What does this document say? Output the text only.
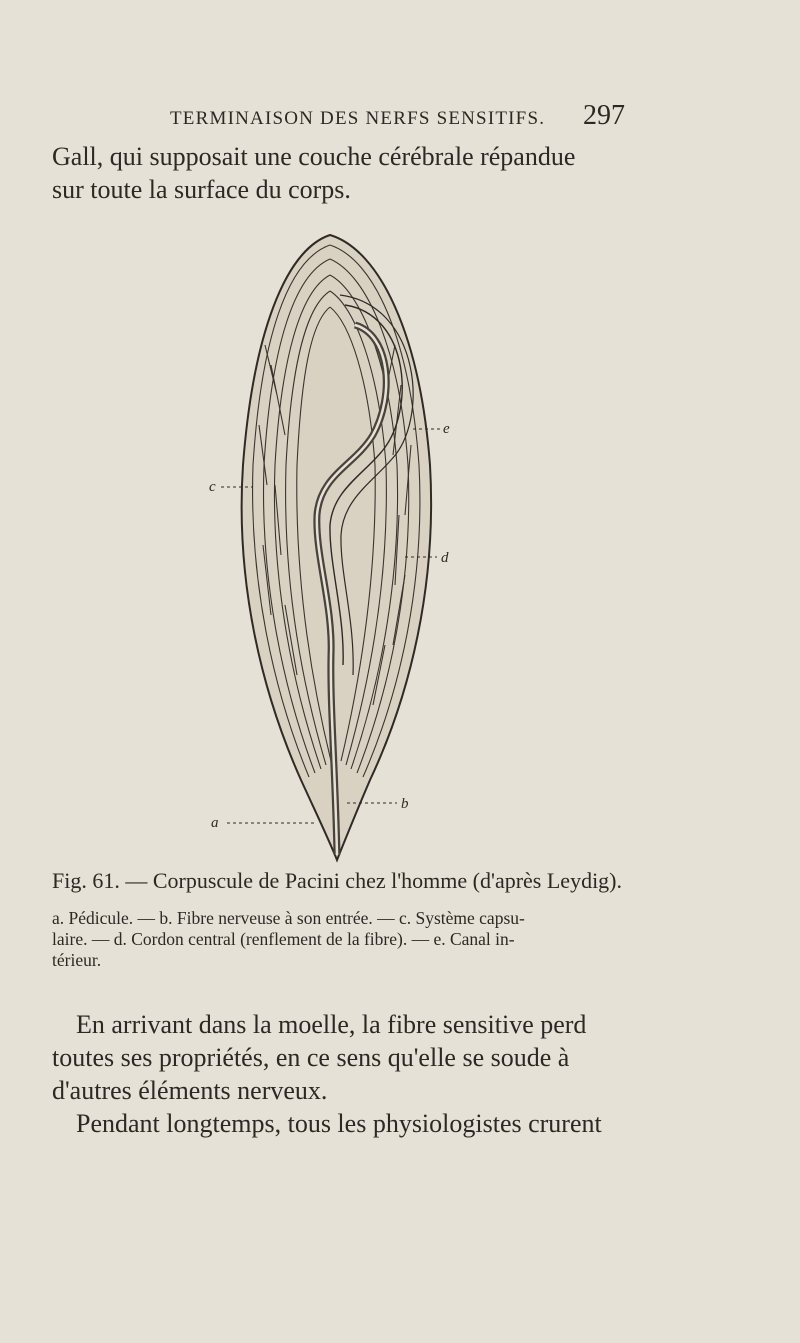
TERMINAISON DES NERFS SENSITIFS. 297
Gall, qui supposait une couche cérébrale répandue
sur toute la surface du corps.
a
b
c
d
e
Fig. 61. — Corpuscule de Pacini chez l'homme (d'après Leydig).
a. Pédicule. — b. Fibre nerveuse à son entrée. — c. Système capsu-
laire. — d. Cordon central (renflement de la fibre). — e. Canal in-
térieur.
En arrivant dans la moelle, la fibre sensitive perd
toutes ses propriétés, en ce sens qu'elle se soude à
d'autres éléments nerveux.
Pendant longtemps, tous les physiologistes crurent
